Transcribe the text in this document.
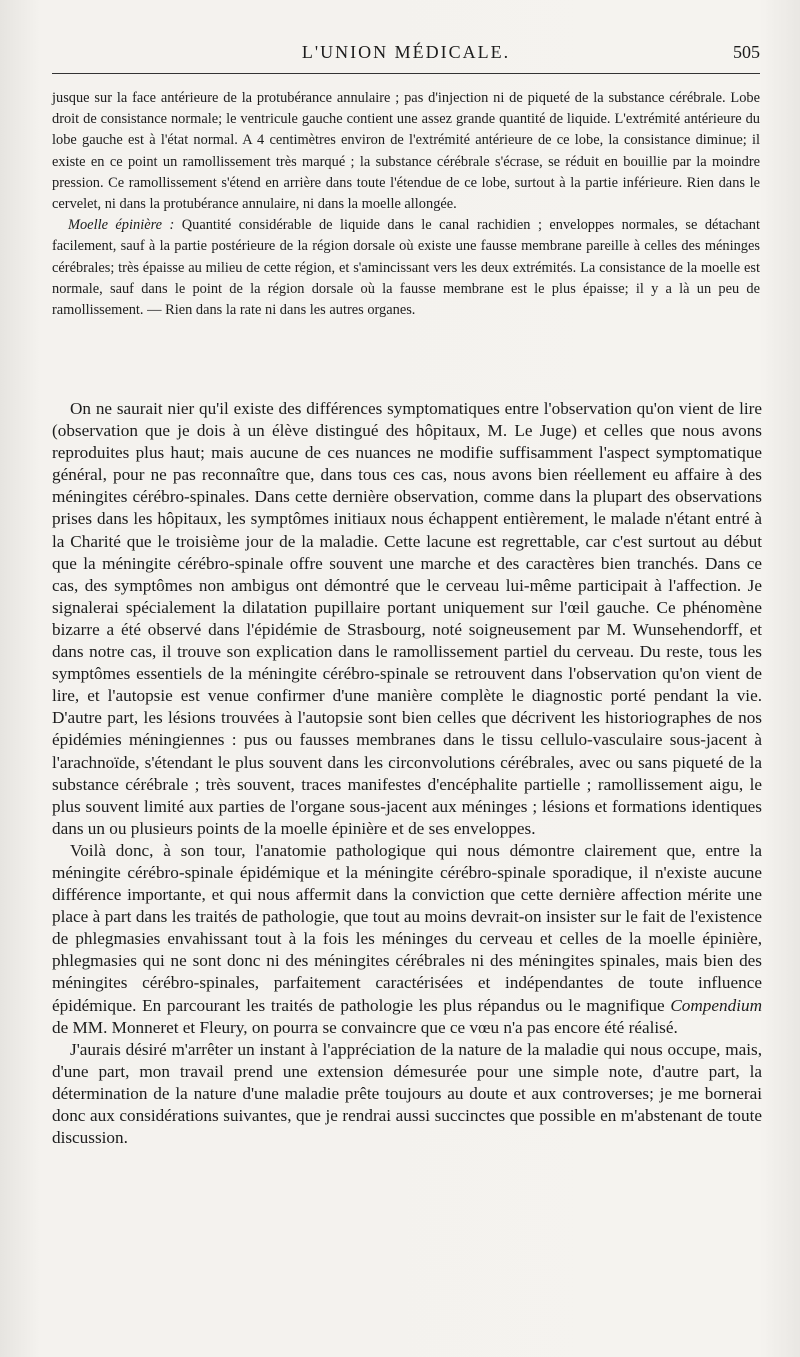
L'UNION MÉDICALE.	505

jusque sur la face antérieure de la protubérance annulaire ; pas d'injection ni de piqueté de la substance cérébrale. Lobe droit de consistance normale; le ventricule gauche contient une assez grande quantité de liquide. L'extrémité antérieure du lobe gauche est à l'état normal. A 4 centimètres environ de l'extrémité antérieure de ce lobe, la consistance diminue; il existe en ce point un ramollissement très marqué ; la substance cérébrale s'écrase, se réduit en bouillie par la moindre pression. Ce ramollissement s'étend en arrière dans toute l'étendue de ce lobe, surtout à la partie inférieure. Rien dans le cervelet, ni dans la protubérance annulaire, ni dans la moelle allongée.

Moelle épinière : Quantité considérable de liquide dans le canal rachidien ; enveloppes normales, se détachant facilement, sauf à la partie postérieure de la région dorsale où existe une fausse membrane pareille à celles des méninges cérébrales; très épaisse au milieu de cette région, et s'amincissant vers les deux extrémités. La consistance de la moelle est normale, sauf dans le point de la région dorsale où la fausse membrane est le plus épaisse; il y a là un peu de ramollissement. — Rien dans la rate ni dans les autres organes.

On ne saurait nier qu'il existe des différences symptomatiques entre l'observation qu'on vient de lire (observation que je dois à un élève distingué des hôpitaux, M. Le Juge) et celles que nous avons reproduites plus haut; mais aucune de ces nuances ne modifie suffisamment l'aspect symptomatique général, pour ne pas reconnaître que, dans tous ces cas, nous avons bien réellement eu affaire à des méningites cérébro-spinales. Dans cette dernière observation, comme dans la plupart des observations prises dans les hôpitaux, les symptômes initiaux nous échappent entièrement, le malade n'étant entré à la Charité que le troisième jour de la maladie. Cette lacune est regrettable, car c'est surtout au début que la méningite cérébro-spinale offre souvent une marche et des caractères bien tranchés. Dans ce cas, des symptômes non ambigus ont démontré que le cerveau lui-même participait à l'affection. Je signalerai spécialement la dilatation pupillaire portant uniquement sur l'œil gauche. Ce phénomène bizarre a été observé dans l'épidémie de Strasbourg, noté soigneusement par M. Wunsehendorff, et dans notre cas, il trouve son explication dans le ramollissement partiel du cerveau. Du reste, tous les symptômes essentiels de la méningite cérébro-spinale se retrouvent dans l'observation qu'on vient de lire, et l'autopsie est venue confirmer d'une manière complète le diagnostic porté pendant la vie. D'autre part, les lésions trouvées à l'autopsie sont bien celles que décrivent les historiographes de nos épidémies méningiennes : pus ou fausses membranes dans le tissu cellulo-vasculaire sous-jacent à l'arachnoïde, s'étendant le plus souvent dans les circonvolutions cérébrales, avec ou sans piqueté de la substance cérébrale ; très souvent, traces manifestes d'encéphalite partielle ; ramollissement aigu, le plus souvent limité aux parties de l'organe sous-jacent aux méninges ; lésions et formations identiques dans un ou plusieurs points de la moelle épinière et de ses enveloppes.

Voilà donc, à son tour, l'anatomie pathologique qui nous démontre clairement que, entre la méningite cérébro-spinale épidémique et la méningite cérébro-spinale sporadique, il n'existe aucune différence importante, et qui nous affermit dans la conviction que cette dernière affection mérite une place à part dans les traités de pathologie, que tout au moins devrait-on insister sur le fait de l'existence de phlegmasies envahissant tout à la fois les méninges du cerveau et celles de la moelle épinière, phlegmasies qui ne sont donc ni des méningites cérébrales ni des méningites spinales, mais bien des méningites cérébro-spinales, parfaitement caractérisées et indépendantes de toute influence épidémique. En parcourant les traités de pathologie les plus répandus ou le magnifique Compendium de MM. Monneret et Fleury, on pourra se convaincre que ce vœu n'a pas encore été réalisé.

J'aurais désiré m'arrêter un instant à l'appréciation de la nature de la maladie qui nous occupe, mais, d'une part, mon travail prend une extension démesurée pour une simple note, d'autre part, la détermination de la nature d'une maladie prête toujours au doute et aux controverses; je me bornerai donc aux considérations suivantes, que je rendrai aussi succinctes que possible en m'abstenant de toute discussion.
